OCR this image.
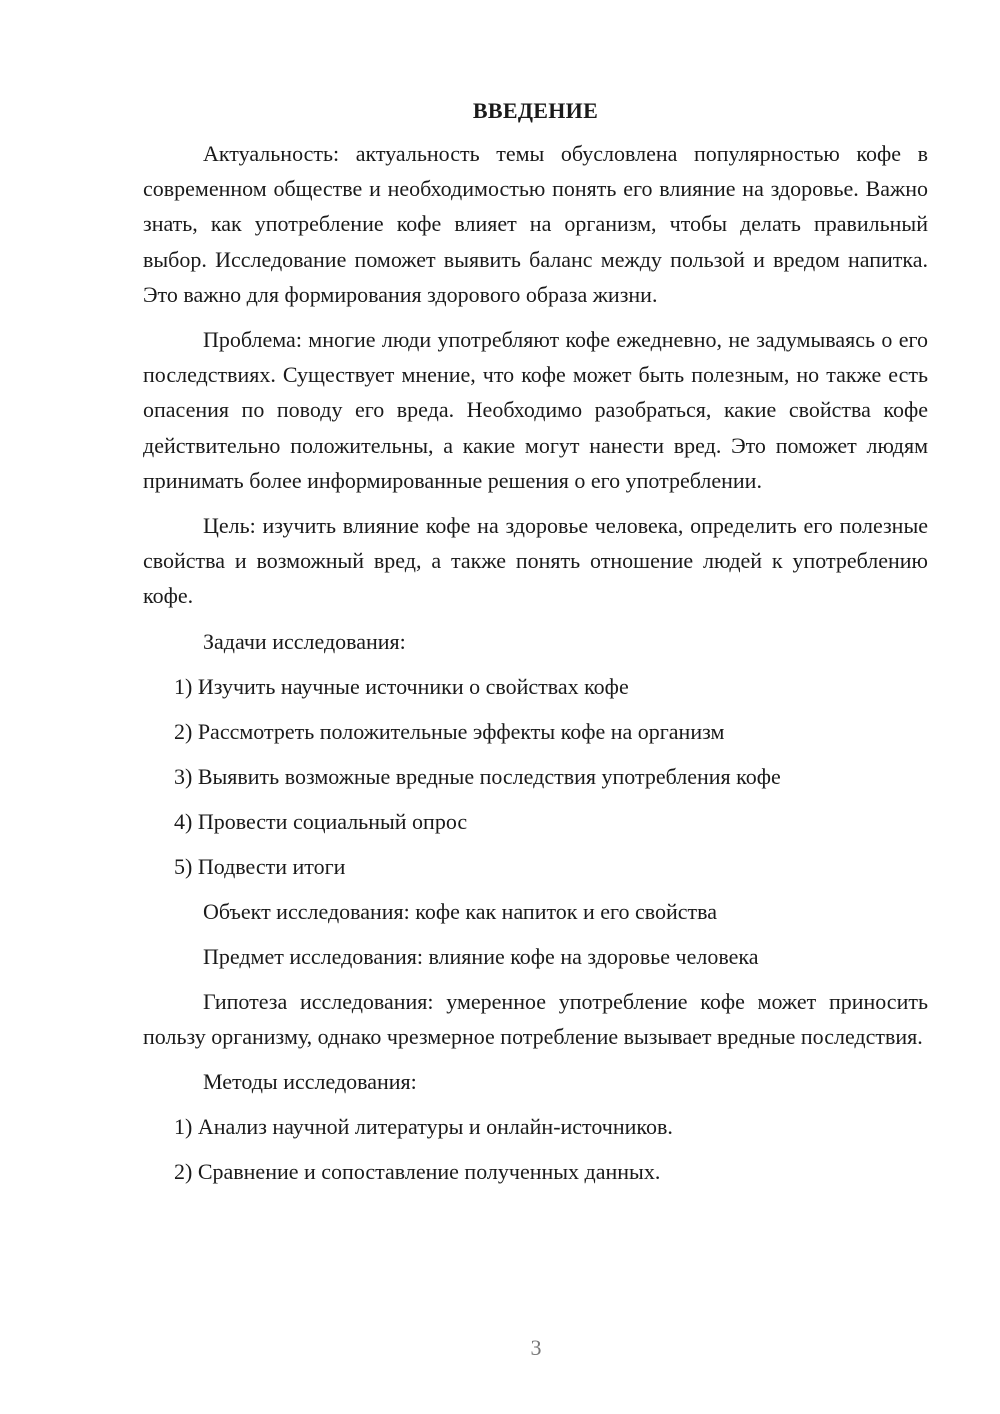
ВВЕДЕНИЕ

Актуальность: актуальность темы обусловлена популярностью кофе в современном обществе и необходимостью понять его влияние на здоровье. Важно знать, как употребление кофе влияет на организм, чтобы делать правильный выбор. Исследование поможет выявить баланс между пользой и вредом напитка. Это важно для формирования здорового образа жизни.

Проблема: многие люди употребляют кофе ежедневно, не задумываясь о его последствиях. Существует мнение, что кофе может быть полезным, но также есть опасения по поводу его вреда. Необходимо разобраться, какие свойства кофе действительно положительны, а какие могут нанести вред. Это поможет людям принимать более информированные решения о его употреблении.

Цель: изучить влияние кофе на здоровье человека, определить его полезные свойства и возможный вред, а также понять отношение людей к употреблению кофе.

Задачи исследования:

1) Изучить научные источники о свойствах кофе

2) Рассмотреть положительные эффекты кофе на организм

3) Выявить возможные вредные последствия употребления кофе

4) Провести социальный опрос

5) Подвести итоги

Объект исследования: кофе как напиток и его свойства

Предмет исследования: влияние кофе на здоровье человека

Гипотеза исследования: умеренное употребление кофе может приносить пользу организму, однако чрезмерное потребление вызывает вредные последствия.

Методы исследования:

1) Анализ научной литературы и онлайн-источников.

2) Сравнение и сопоставление полученных данных.

3
